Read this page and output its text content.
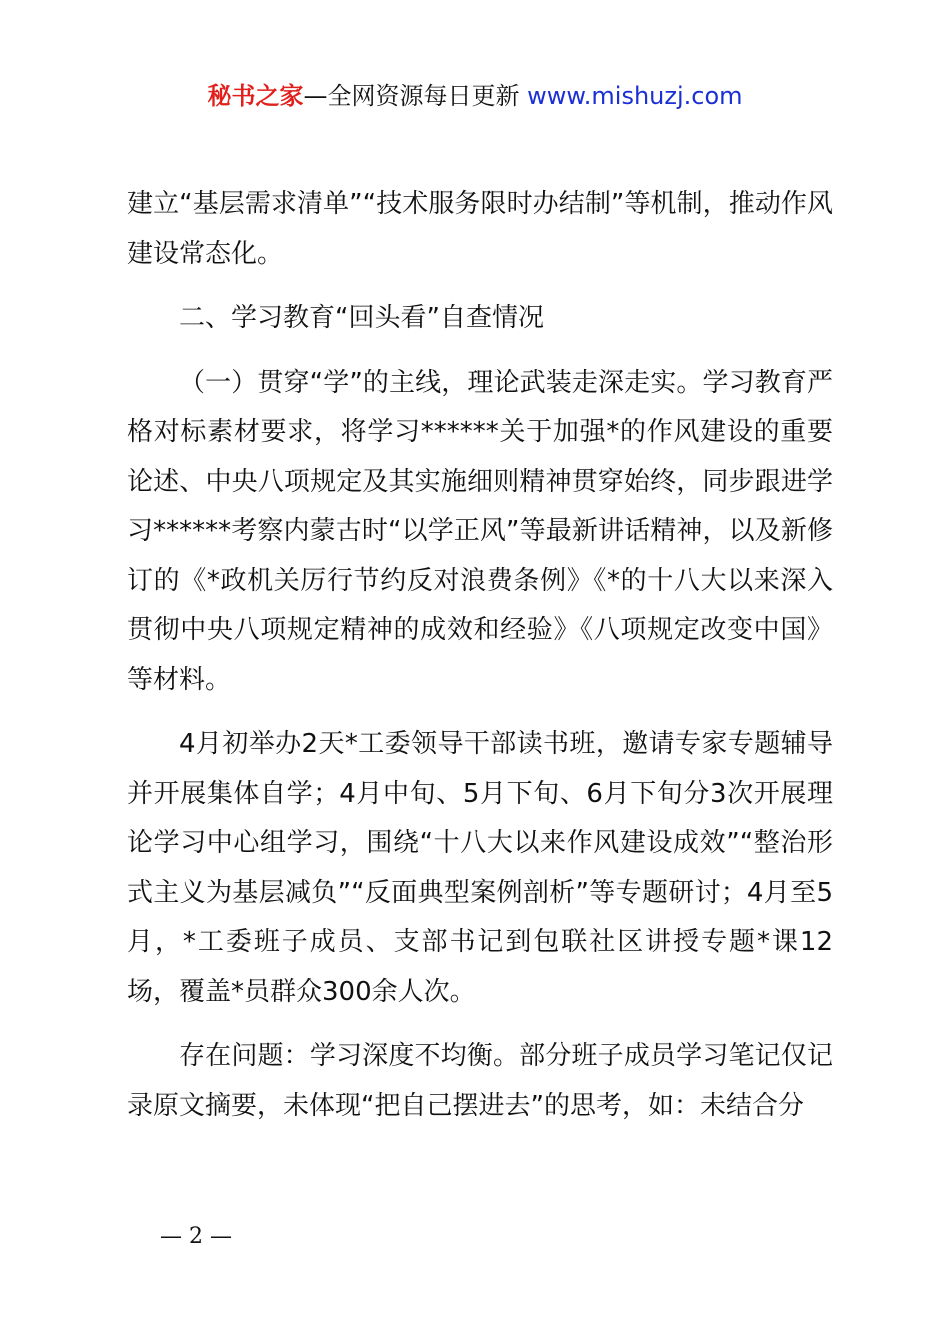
秘书之家—全网资源每日更新 www.mishuzj.com

建立“基层需求清单”“技术服务限时办结制”等机制，推动作风建设常态化。

二、学习教育“回头看”自查情况

（一）贯穿“学”的主线，理论武装走深走实。学习教育严格对标素材要求，将学习******关于加强*的作风建设的重要论述、中央八项规定及其实施细则精神贯穿始终，同步跟进学习******考察内蒙古时“以学正风”等最新讲话精神，以及新修订的《*政机关厉行节约反对浪费条例》《*的十八大以来深入贯彻中央八项规定精神的成效和经验》《八项规定改变中国》等材料。

4月初举办2天*工委领导干部读书班，邀请专家专题辅导并开展集体自学；4月中旬、5月下旬、6月下旬分3次开展理论学习中心组学习，围绕“十八大以来作风建设成效”“整治形式主义为基层减负”“反面典型案例剖析”等专题研讨；4月至5月，*工委班子成员、支部书记到包联社区讲授专题*课12场，覆盖*员群众300余人次。

存在问题：学习深度不均衡。部分班子成员学习笔记仅记录原文摘要，未体现“把自己摆进去”的思考，如：未结合分

— 2 —
